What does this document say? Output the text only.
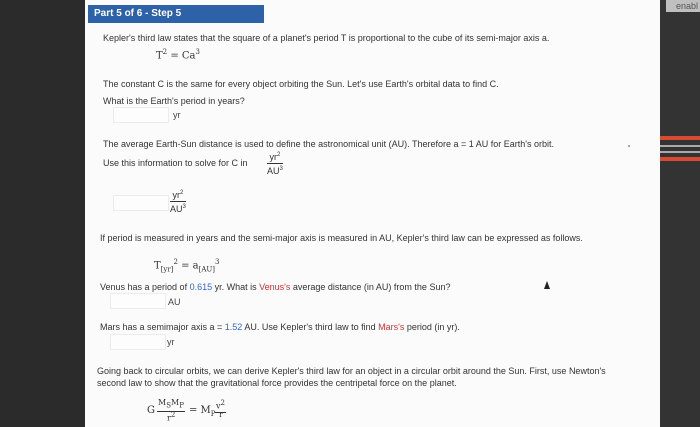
enabl
Part 5 of 6 - Step 5
Kepler's third law states that the square of a planet's period T is proportional to the cube of its semi-major axis a.
$T^2 = Ca^3$
The constant C is the same for every object orbiting the Sun. Let's use Earth's orbital data to find C.
What is the Earth's period in years?
yr
The average Earth-Sun distance is used to define the astronomical unit (AU). Therefore a = 1 AU for Earth's orbit.
Use this information to solve for C in $\frac{yr^2}{AU^3}$
$\frac{yr^2}{AU^3}$
If period is measured in years and the semi-major axis is measured in AU, Kepler's third law can be expressed as follows.
$T_{[yr]}^2 = a_{[AU]}^3$
Venus has a period of 0.615 yr. What is Venus's average distance (in AU) from the Sun?
AU
Mars has a semimajor axis a = 1.52 AU. Use Kepler's third law to find Mars's period (in yr).
yr
Going back to circular orbits, we can derive Kepler's third law for an object in a circular orbit around the Sun. First, use Newton's second law to show that the gravitational force provides the centripetal force on the planet.
G
$M_SM_P$
$r^2 = M_P$
$v^2$
r
